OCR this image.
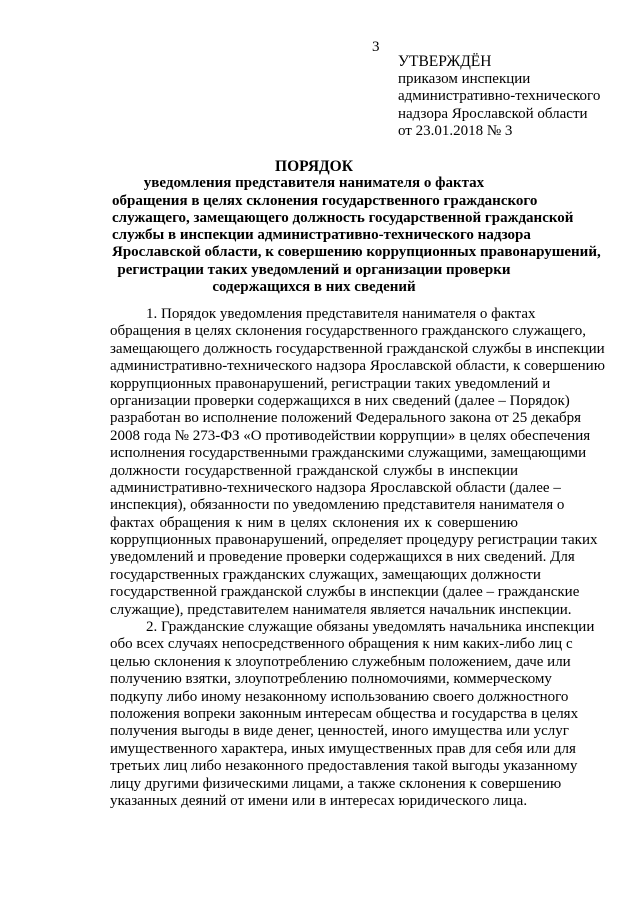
3
УТВЕРЖДЁН
приказом инспекции
административно-технического
надзора Ярославской области
от 23.01.2018 № 3
ПОРЯДОК
уведомления представителя нанимателя о фактах
обращения в целях склонения государственного гражданского
служащего, замещающего должность государственной гражданской
службы в инспекции административно-технического надзора
Ярославской области, к совершению коррупционных правонарушений,
регистрации таких уведомлений и организации проверки
содержащихся в них сведений
1. Порядок уведомления представителя нанимателя о фактах
обращения в целях склонения государственного гражданского служащего,
замещающего должность государственной гражданской службы в инспекции
административно-технического надзора Ярославской области, к совершению
коррупционных правонарушений, регистрации таких уведомлений и
организации проверки содержащихся в них сведений (далее – Порядок)
разработан во исполнение положений Федерального закона от 25 декабря
2008 года № 273-ФЗ «О противодействии коррупции» в целях обеспечения
исполнения государственными гражданскими служащими, замещающими
должности государственной гражданской службы в инспекции
административно-технического надзора Ярославской области (далее –
инспекция), обязанности по уведомлению представителя нанимателя о
фактах обращения к ним в целях склонения их к совершению
коррупционных правонарушений, определяет процедуру регистрации таких
уведомлений и проведение проверки содержащихся в них сведений. Для
государственных гражданских служащих, замещающих должности
государственной гражданской службы в инспекции (далее – гражданские
служащие), представителем нанимателя является начальник инспекции.
2. Гражданские служащие обязаны уведомлять начальника инспекции
обо всех случаях непосредственного обращения к ним каких-либо лиц с
целью склонения к злоупотреблению служебным положением, даче или
получению взятки, злоупотреблению полномочиями, коммерческому
подкупу либо иному незаконному использованию своего должностного
положения вопреки законным интересам общества и государства в целях
получения выгоды в виде денег, ценностей, иного имущества или услуг
имущественного характера, иных имущественных прав для себя или для
третьих лиц либо незаконного предоставления такой выгоды указанному
лицу другими физическими лицами, а также склонения к совершению
указанных деяний от имени или в интересах юридического лица.
